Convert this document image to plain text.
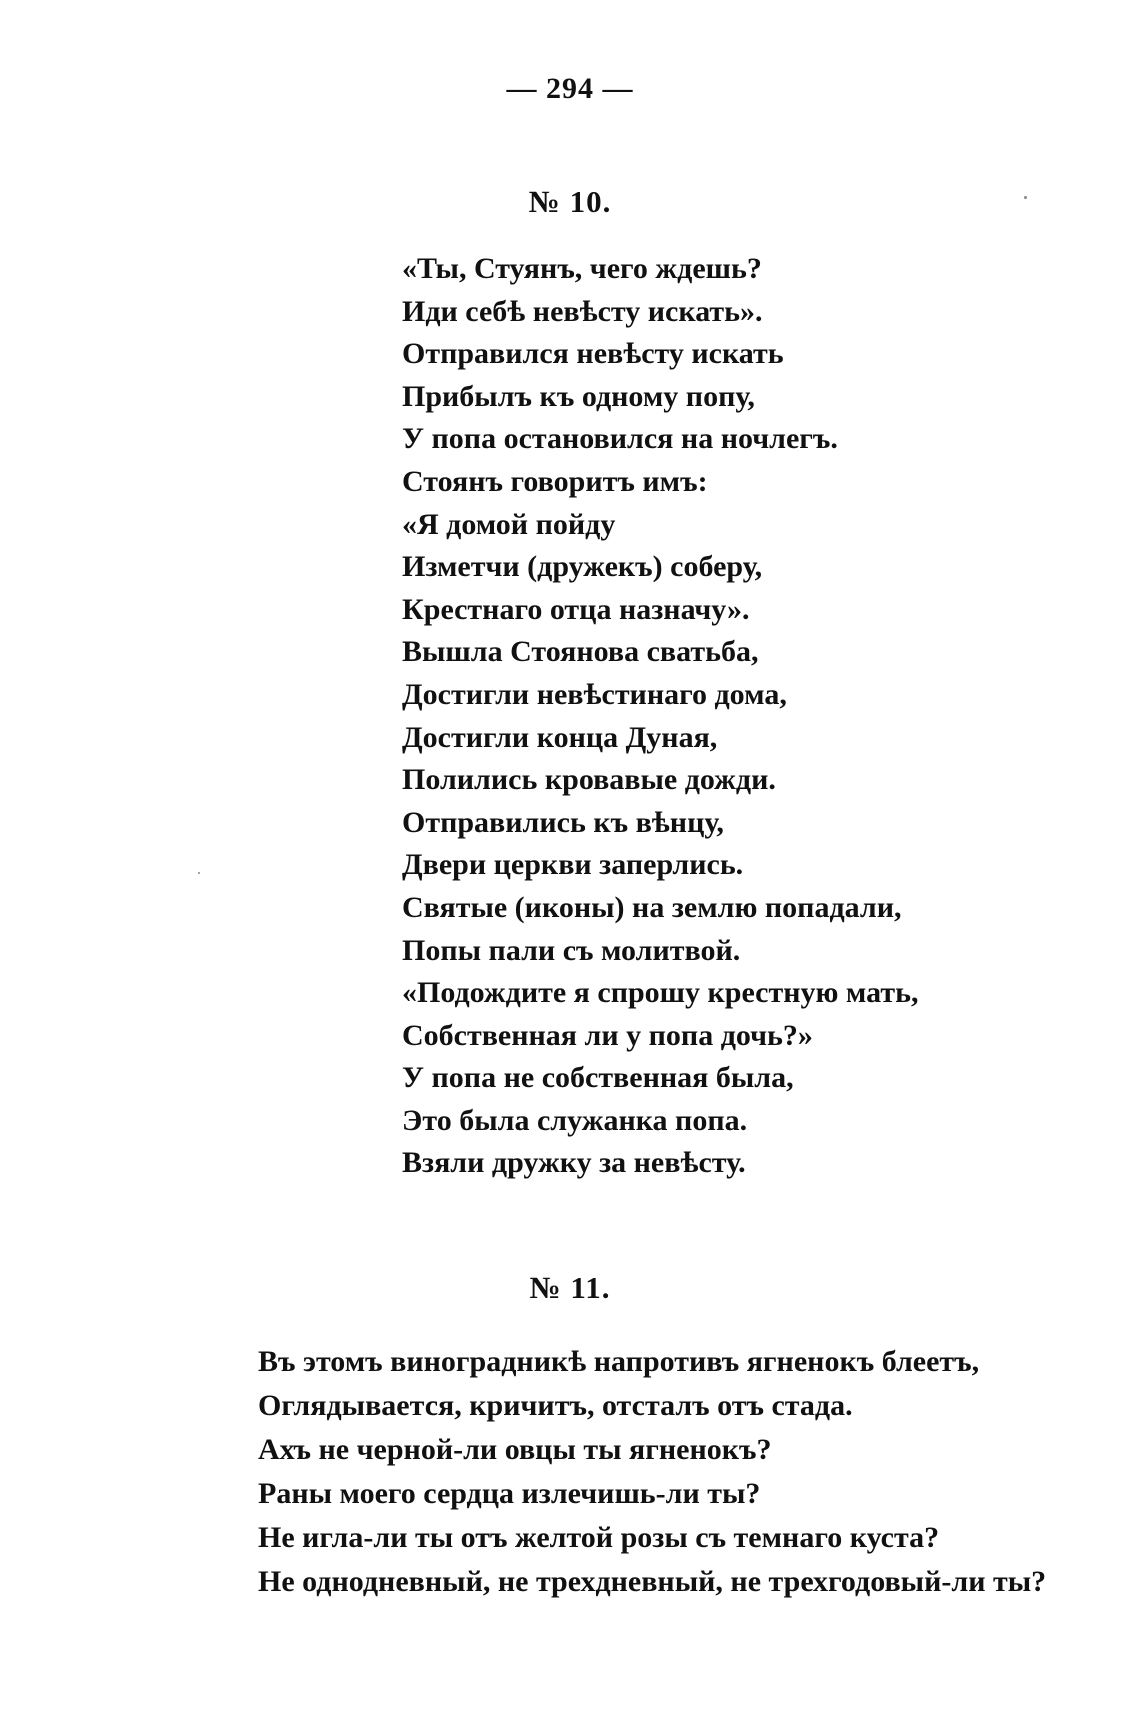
— 294 —
№ 10.
«Ты, Стуянъ, чего ждешь?
Иди себѣ невѣсту искать».
Отправился невѣсту искать
Прибылъ къ одному попу,
У попа остановился на ночлегъ.
Стоянъ говоритъ имъ:
«Я домой пойду
Изметчи (дружекъ) соберу,
Крестнаго отца назначу».
Вышла Стоянова сватьба,
Достигли невѣстинаго дома,
Достигли конца Дуная,
Полились кровавые дожди.
Отправились къ вѣнцу,
Двери церкви заперлись.
Святые (иконы) на землю попадали,
Попы пали съ молитвой.
«Подождите я спрошу крестную мать,
Собственная ли у попа дочь?»
У попа не собственная была,
Это была служанка попа.
Взяли дружку за невѣсту.
№ 11.
Въ этомъ виноградникѣ напротивъ ягненокъ блеетъ,
Оглядывается, кричитъ, отсталъ отъ стада.
Ахъ не черной-ли овцы ты ягненокъ?
Раны моего сердца излечишь-ли ты?
Не игла-ли ты отъ желтой розы съ темнаго куста?
Не однодневный, не трехдневный, не трехгодовый-ли ты?
